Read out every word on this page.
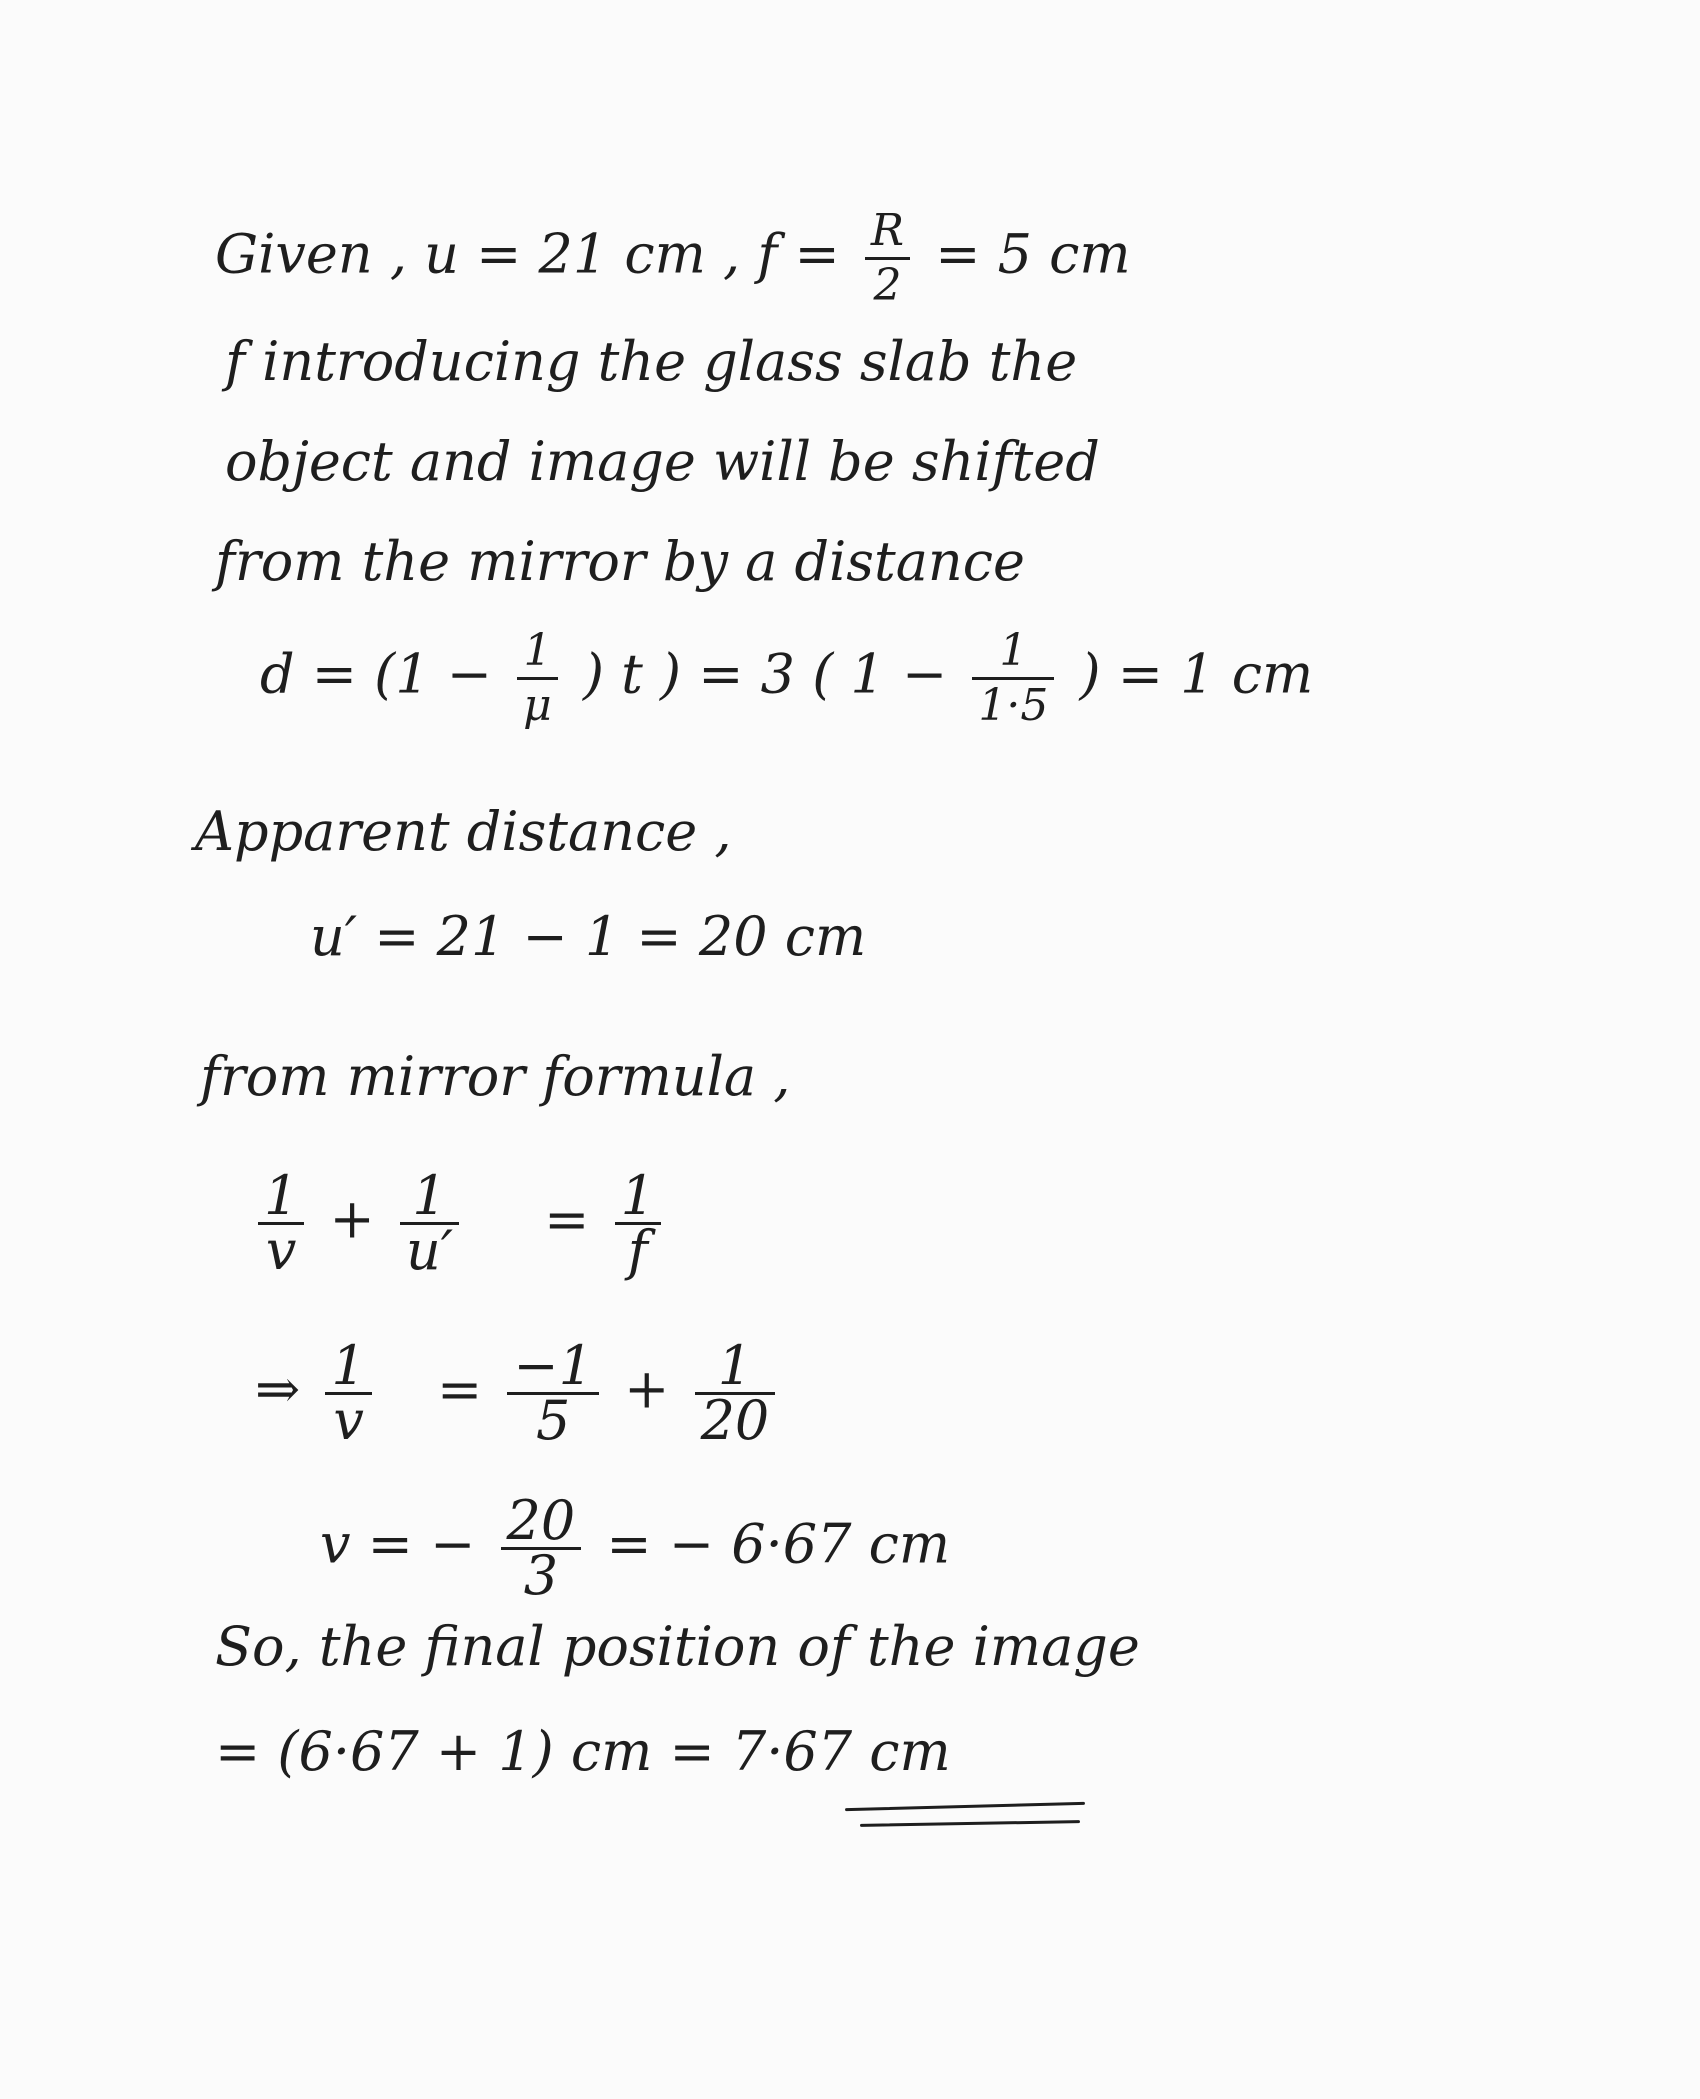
Given , u = 21 cm , $f = \frac{R}{2} = 5$ cm
f introducing the glass slab the
object and image will be shifted
from the mirror by a distance
$d = (1 - \frac{1}{\mu}$ ) t ) = 3 ( $1 - \frac{1}{1\cdot 5}$ ) = 1 cm
Apparent distance ,
u′ = 21 − 1 = 20 cm
from mirror formula ,
$\frac{1}{v} + \frac{1}{u'} = \frac{1}{f}$
⇒ $\frac{1}{v} = \frac{-1}{5} + \frac{1}{20}$
v = − $\frac{20}{3}$ = − 6·67 cm
So, the final position of the image
= (6·67 + 1) cm = 7·67 cm
